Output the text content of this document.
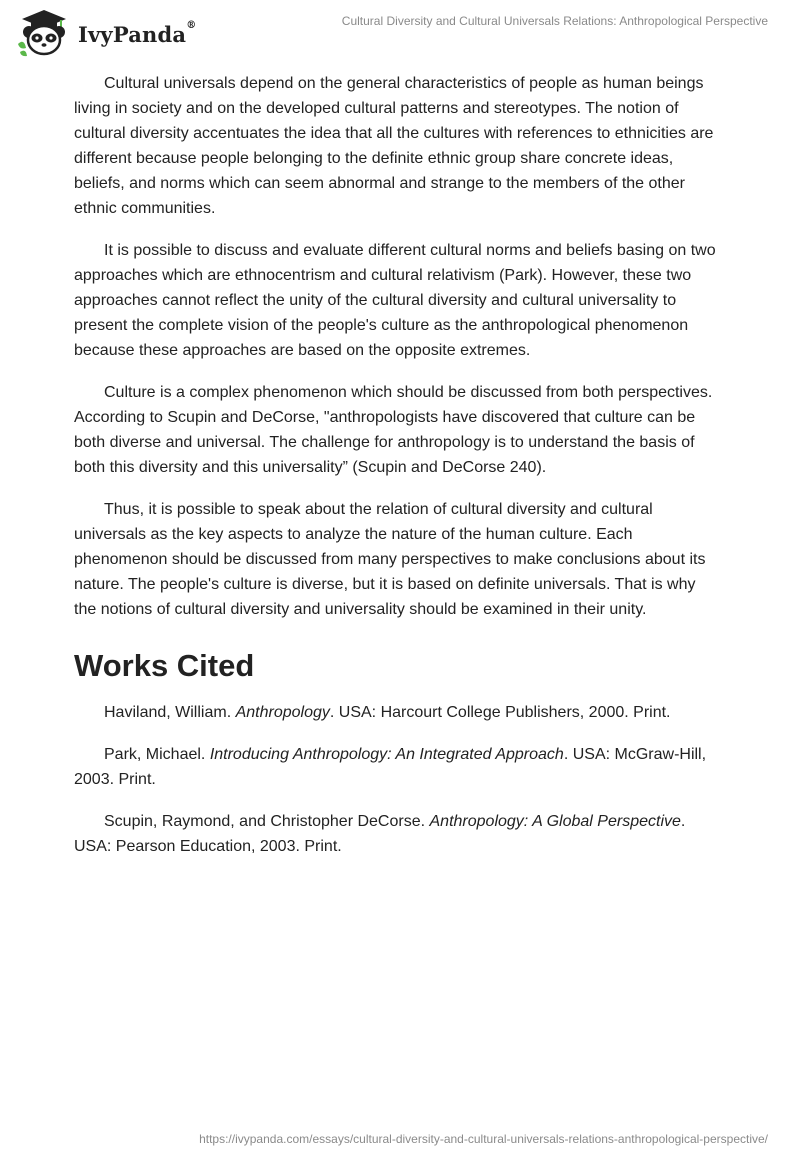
IvyPanda®	Cultural Diversity and Cultural Universals Relations: Anthropological Perspective

Cultural universals depend on the general characteristics of people as human beings living in society and on the developed cultural patterns and stereotypes. The notion of cultural diversity accentuates the idea that all the cultures with references to ethnicities are different because people belonging to the definite ethnic group share concrete ideas, beliefs, and norms which can seem abnormal and strange to the members of the other ethnic communities.

It is possible to discuss and evaluate different cultural norms and beliefs basing on two approaches which are ethnocentrism and cultural relativism (Park). However, these two approaches cannot reflect the unity of the cultural diversity and cultural universality to present the complete vision of the people's culture as the anthropological phenomenon because these approaches are based on the opposite extremes.

Culture is a complex phenomenon which should be discussed from both perspectives. According to Scupin and DeCorse, "anthropologists have discovered that culture can be both diverse and universal. The challenge for anthropology is to understand the basis of both this diversity and this universality” (Scupin and DeCorse 240).

Thus, it is possible to speak about the relation of cultural diversity and cultural universals as the key aspects to analyze the nature of the human culture. Each phenomenon should be discussed from many perspectives to make conclusions about its nature. The people's culture is diverse, but it is based on definite universals. That is why the notions of cultural diversity and universality should be examined in their unity.

Works Cited

Haviland, William. Anthropology. USA: Harcourt College Publishers, 2000. Print.

Park, Michael. Introducing Anthropology: An Integrated Approach. USA: McGraw-Hill, 2003. Print.

Scupin, Raymond, and Christopher DeCorse. Anthropology: A Global Perspective. USA: Pearson Education, 2003. Print.

https://ivypanda.com/essays/cultural-diversity-and-cultural-universals-relations-anthropological-perspective/
